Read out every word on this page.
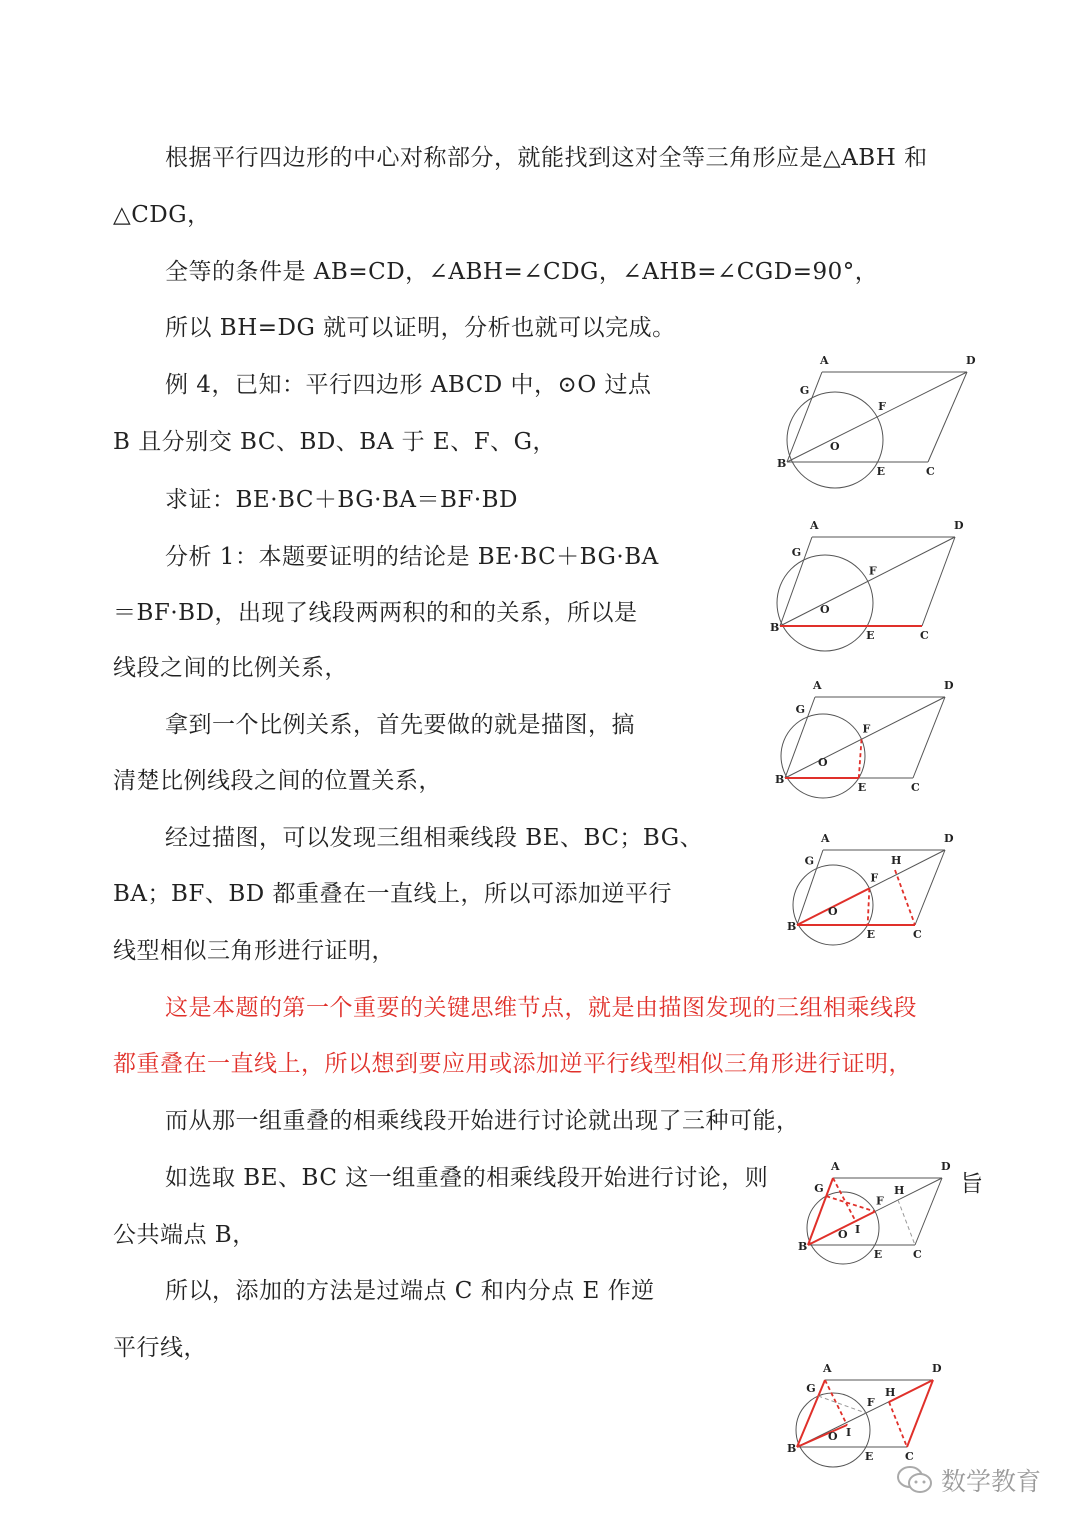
根据平行四边形的中心对称部分，就能找到这对全等三角形应是△ABH 和
△CDG，
全等的条件是 AB=CD，∠ABH=∠CDG，∠AHB=∠CGD=90°，
所以 BH=DG 就可以证明，分析也就可以完成。
例 4，已知：平行四边形 ABCD 中，⊙O 过点
B 且分别交 BC、BD、BA 于 E、F、G，
求证：BE·BC＋BG·BA＝BF·BD
分析 1：本题要证明的结论是 BE·BC＋BG·BA
＝BF·BD，出现了线段两两积的和的关系，所以是
线段之间的比例关系，
拿到一个比例关系，首先要做的就是描图，搞
清楚比例线段之间的位置关系，
经过描图，可以发现三组相乘线段 BE、BC；BG、
BA；BF、BD 都重叠在一直线上，所以可添加逆平行
线型相似三角形进行证明，
这是本题的第一个重要的关键思维节点，就是由描图发现的三组相乘线段
都重叠在一直线上，所以想到要应用或添加逆平行线型相似三角形进行证明，
而从那一组重叠的相乘线段开始进行讨论就出现了三种可能，
如选取 BE、BC 这一组重叠的相乘线段开始进行讨论，则
公共端点 B，
所以，添加的方法是过端点 C 和内分点 E 作逆
平行线，
旨
A	D
B
C
E
F
G
O
A	D
B
C
E
F
G
O
A	D
B
C
E
F
G
O
A	D
B
C
E
F
G
O
H
A	D
B
C
E
F
G
O
H
I
A	D
B
C
E
F
G
O
H
I
数学教育
